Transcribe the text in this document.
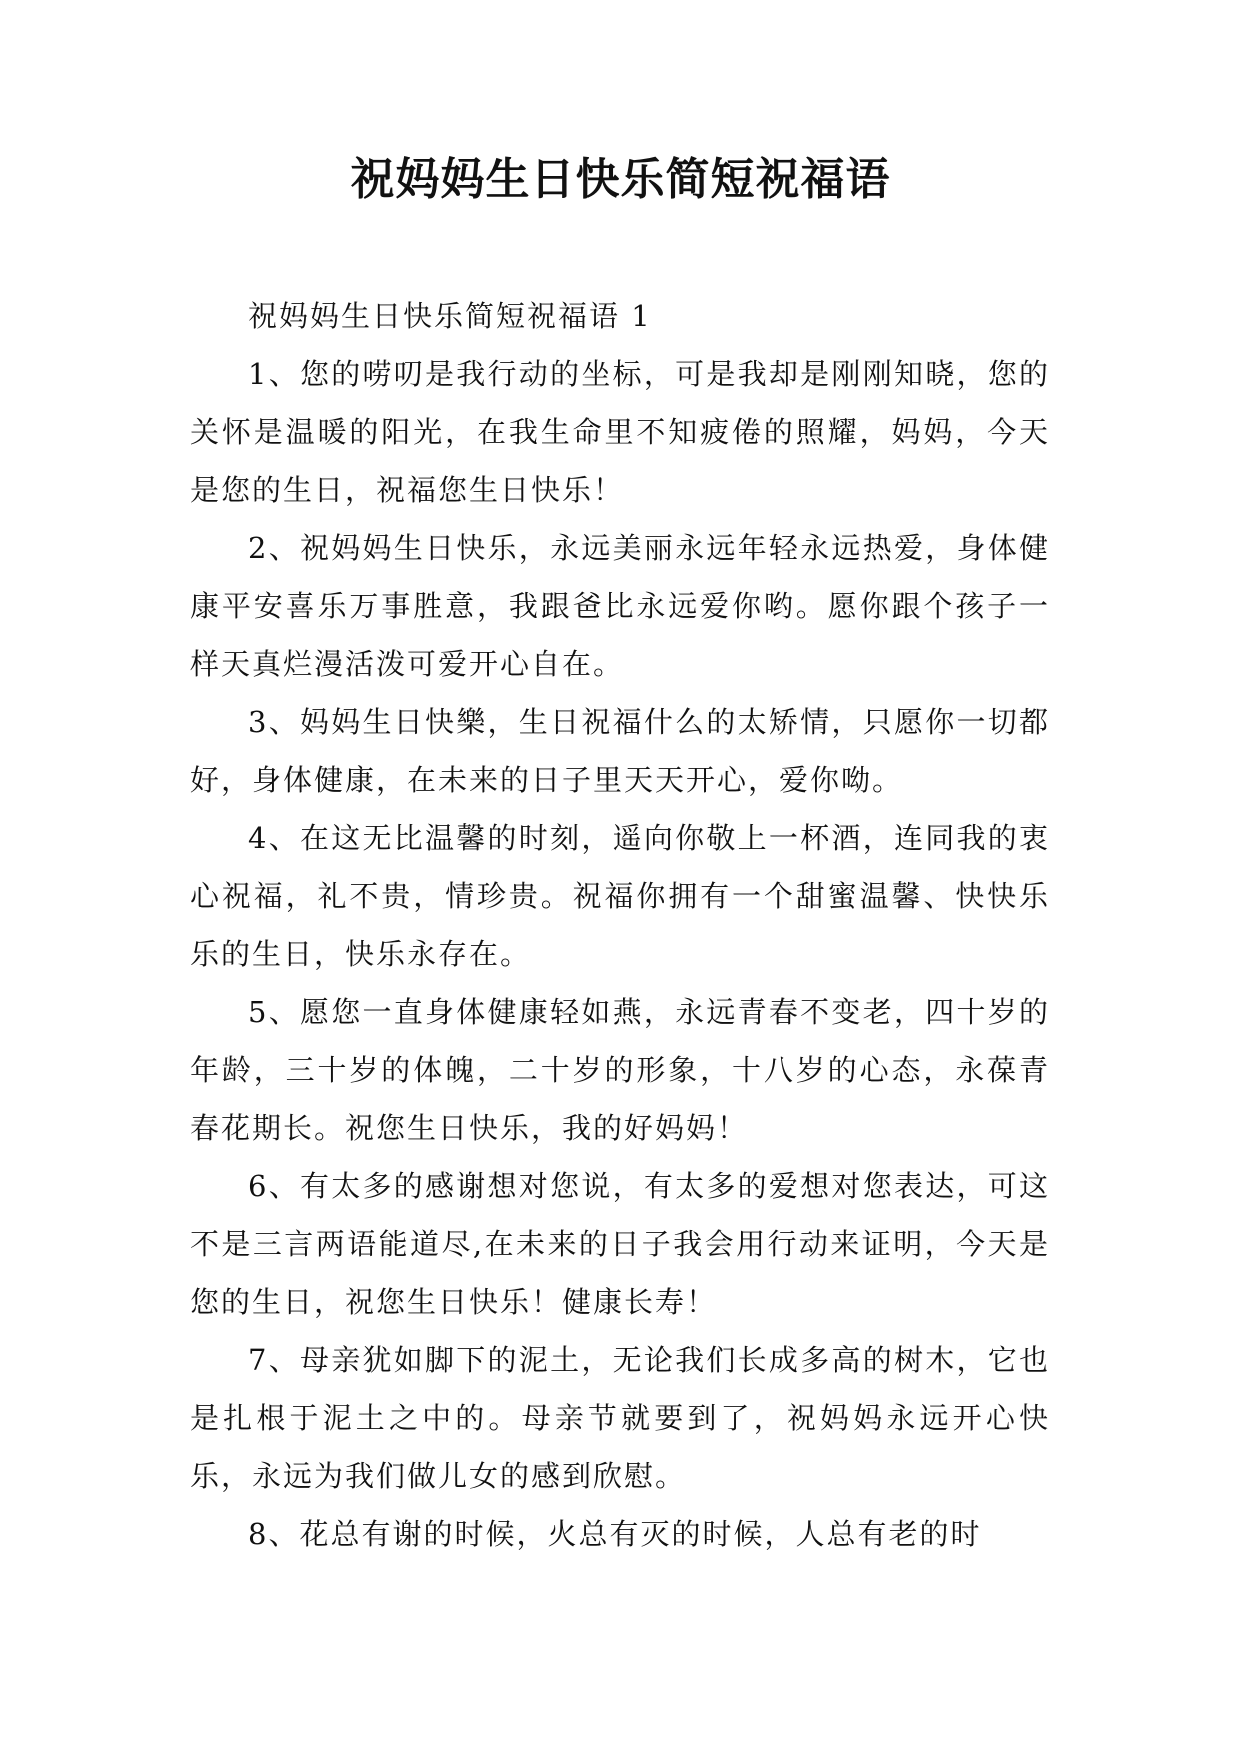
祝妈妈生日快乐简短祝福语

祝妈妈生日快乐简短祝福语 1

1、您的唠叨是我行动的坐标，可是我却是刚刚知晓，您的关怀是温暖的阳光，在我生命里不知疲倦的照耀，妈妈，今天是您的生日，祝福您生日快乐！

2、祝妈妈生日快乐，永远美丽永远年轻永远热爱，身体健康平安喜乐万事胜意，我跟爸比永远爱你哟。愿你跟个孩子一样天真烂漫活泼可爱开心自在。

3、妈妈生日快樂，生日祝福什么的太矫情，只愿你一切都好，身体健康，在未来的日子里天天开心，爱你呦。

4、在这无比温馨的时刻，遥向你敬上一杯酒，连同我的衷心祝福，礼不贵，情珍贵。祝福你拥有一个甜蜜温馨、快快乐乐的生日，快乐永存在。

5、愿您一直身体健康轻如燕，永远青春不变老，四十岁的年龄，三十岁的体魄，二十岁的形象，十八岁的心态，永葆青春花期长。祝您生日快乐，我的好妈妈！

6、有太多的感谢想对您说，有太多的爱想对您表达，可这不是三言两语能道尽,在未来的日子我会用行动来证明，今天是您的生日，祝您生日快乐！健康长寿！

7、母亲犹如脚下的泥土，无论我们长成多高的树木，它也是扎根于泥土之中的。母亲节就要到了，祝妈妈永远开心快乐，永远为我们做儿女的感到欣慰。

8、花总有谢的时候，火总有灭的时候，人总有老的时
